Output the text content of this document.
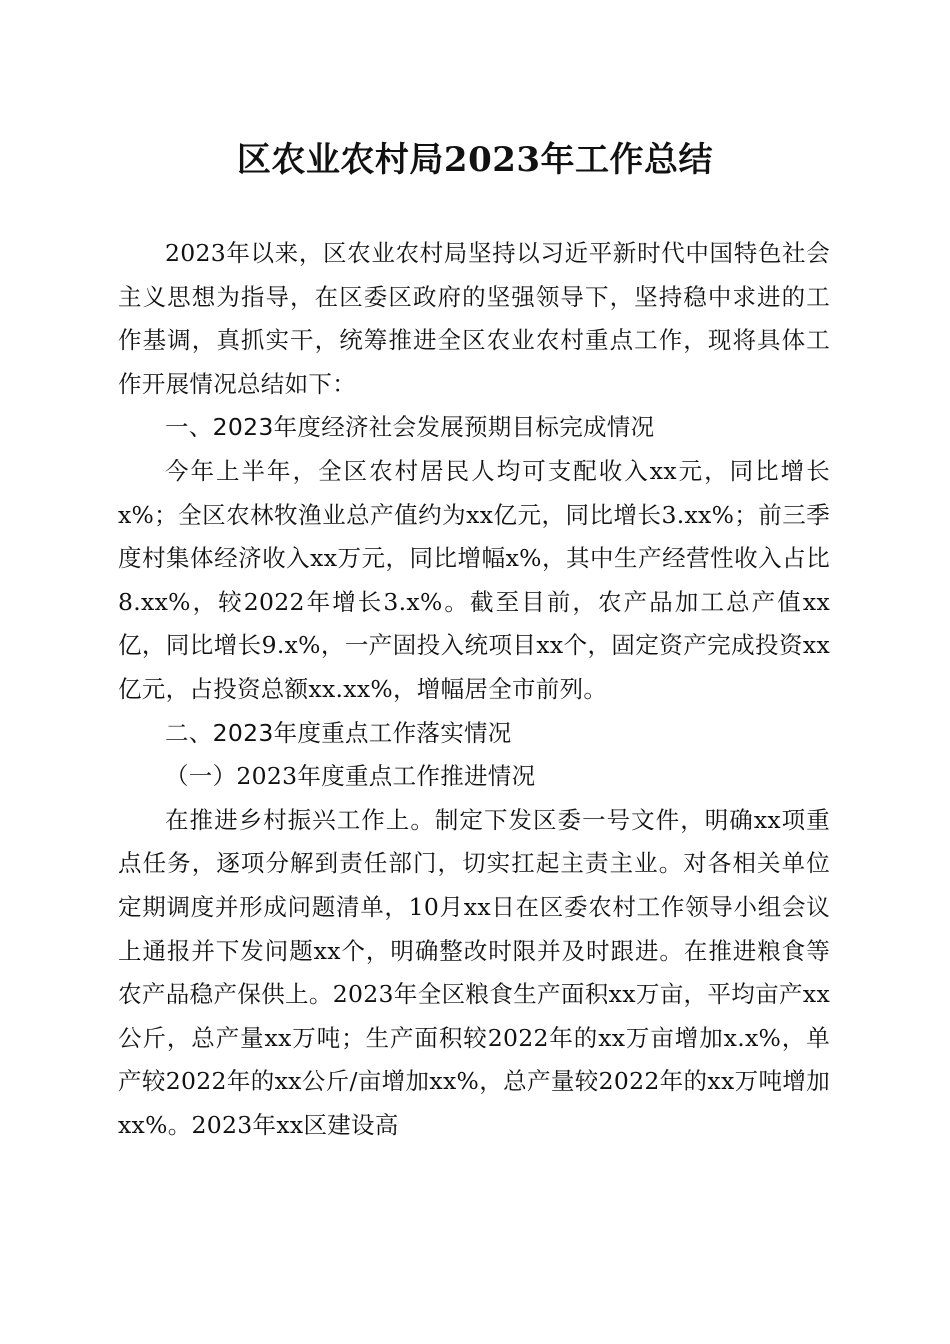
区农业农村局2023年工作总结

2023年以来，区农业农村局坚持以习近平新时代中国特色社会主义思想为指导，在区委区政府的坚强领导下，坚持稳中求进的工作基调，真抓实干，统筹推进全区农业农村重点工作，现将具体工作开展情况总结如下：

一、2023年度经济社会发展预期目标完成情况

今年上半年，全区农村居民人均可支配收入xx元，同比增长x%；全区农林牧渔业总产值约为xx亿元，同比增长3.xx%；前三季度村集体经济收入xx万元，同比增幅x%，其中生产经营性收入占比8.xx%，较2022年增长3.x%。截至目前，农产品加工总产值xx亿，同比增长9.x%，一产固投入统项目xx个，固定资产完成投资xx亿元，占投资总额xx.xx%，增幅居全市前列。

二、2023年度重点工作落实情况

（一）2023年度重点工作推进情况

在推进乡村振兴工作上。制定下发区委一号文件，明确xx项重点任务，逐项分解到责任部门，切实扛起主责主业。对各相关单位定期调度并形成问题清单，10月xx日在区委农村工作领导小组会议上通报并下发问题xx个，明确整改时限并及时跟进。在推进粮食等农产品稳产保供上。2023年全区粮食生产面积xx万亩，平均亩产xx公斤，总产量xx万吨；生产面积较2022年的xx万亩增加x.x%，单产较2022年的xx公斤/亩增加xx%，总产量较2022年的xx万吨增加xx%。2023年xx区建设高
